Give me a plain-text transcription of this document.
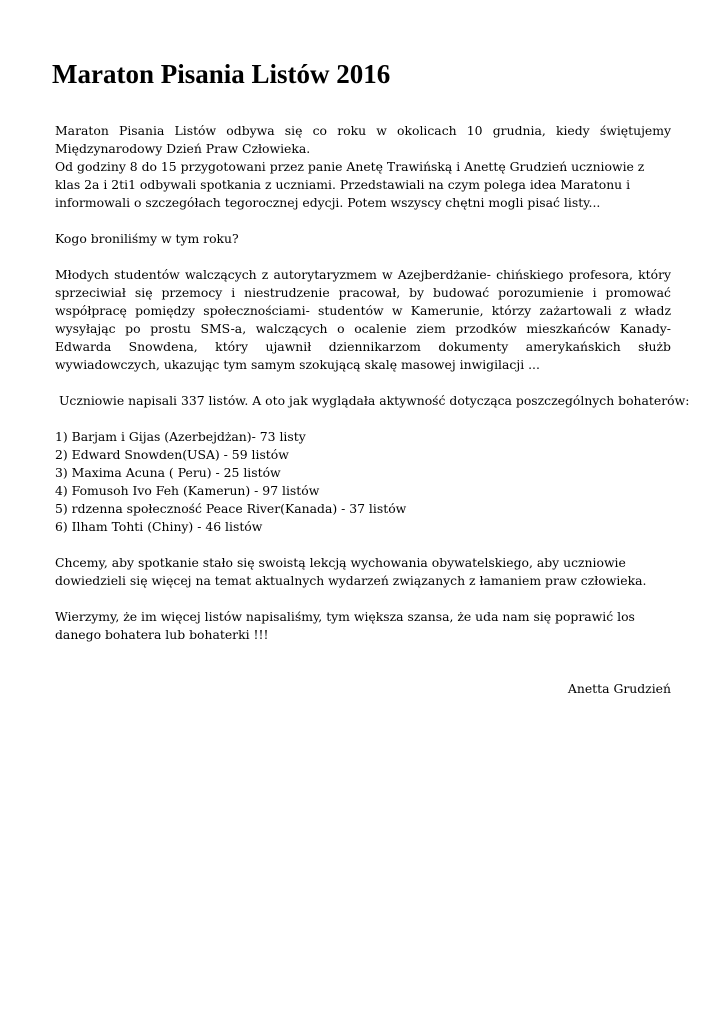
Maraton Pisania Listów 2016

Maraton Pisania Listów odbywa się co roku w okolicach 10 grudnia, kiedy świętujemy Międzynarodowy Dzień Praw Człowieka.

Od godziny 8 do 15 przygotowani przez panie Anetę Trawińską i Anettę Grudzień uczniowie z klas 2a i 2ti1 odbywali spotkania z uczniami. Przedstawiali na czym polega idea Maratonu i informowali o szczegółach tegorocznej edycji. Potem wszyscy chętni mogli pisać listy...

Kogo broniliśmy w tym roku?

Młodych studentów walczących z autorytaryzmem w Azejberdżanie- chińskiego profesora, który sprzeciwiał się przemocy i niestrudzenie pracował, by budować porozumienie i promować współpracę pomiędzy społecznościami- studentów w Kamerunie, którzy zażartowali z władz wysyłając po prostu SMS-a, walczących o ocalenie ziem przodków mieszkańców Kanady- Edwarda Snowdena, który ujawnił dziennikarzom dokumenty amerykańskich służb wywiadowczych, ukazując tym samym szokującą skalę masowej inwigilacji ...

Uczniowie napisali 337 listów. A oto jak wyglądała aktywność dotycząca poszczególnych bohaterów:

1) Barjam i Gijas (Azerbejdżan)- 73 listy
2) Edward Snowden(USA) - 59 listów
3) Maxima Acuna ( Peru) - 25 listów
4) Fomusoh Ivo Feh (Kamerun) - 97 listów
5) rdzenna społeczność Peace River(Kanada) - 37 listów
6) Ilham Tohti (Chiny) - 46 listów

Chcemy, aby spotkanie stało się swoistą lekcją wychowania obywatelskiego, aby uczniowie dowiedzieli się więcej na temat aktualnych wydarzeń związanych z łamaniem praw człowieka.

Wierzymy, że im więcej listów napisaliśmy, tym większa szansa, że uda nam się poprawić los danego bohatera lub bohaterki !!!

Anetta Grudzień
